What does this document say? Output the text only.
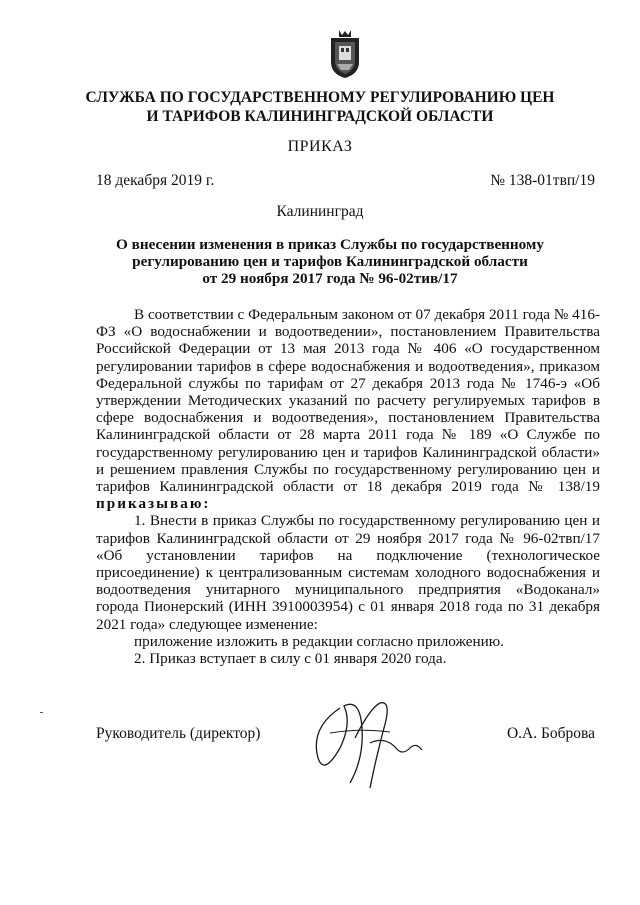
СЛУЖБА ПО ГОСУДАРСТВЕННОМУ РЕГУЛИРОВАНИЮ ЦЕН
И ТАРИФОВ КАЛИНИНГРАДСКОЙ ОБЛАСТИ
ПРИКАЗ
18 декабря 2019 г.	№ 138-01твп/19
Калининград
О внесении изменения в приказ Службы по государственному
регулированию цен и тарифов Калининградской области
от 29 ноября 2017 года № 96-02тив/17

В соответствии с Федеральным законом от 07 декабря 2011 года № 416-ФЗ «О водоснабжении и водоотведении», постановлением Правительства Российской Федерации от 13 мая 2013 года № 406 «О государственном регулировании тарифов в сфере водоснабжения и водоотведения», приказом Федеральной службы по тарифам от 27 декабря 2013 года № 1746-э «Об утверждении Методических указаний по расчету регулируемых тарифов в сфере водоснабжения и водоотведения», постановлением Правительства Калининградской области от 28 марта 2011 года № 189 «О Службе по государственному регулированию цен и тарифов Калининградской области» и решением правления Службы по государственному регулированию цен и тарифов Калининградской области от 18 декабря 2019 года № 138/19 приказываю:

1. Внести в приказ Службы по государственному регулированию цен и тарифов Калининградской области от 29 ноября 2017 года № 96-02твп/17 «Об установлении тарифов на подключение (технологическое присоединение) к централизованным системам холодного водоснабжения и водоотведения унитарного муниципального предприятия «Водоканал» города Пионерский (ИНН 3910003954) с 01 января 2018 года по 31 декабря 2021 года» следующее изменение:

приложение изложить в редакции согласно приложению.

2. Приказ вступает в силу с 01 января 2020 года.

Руководитель (директор)	О.А. Боброва
